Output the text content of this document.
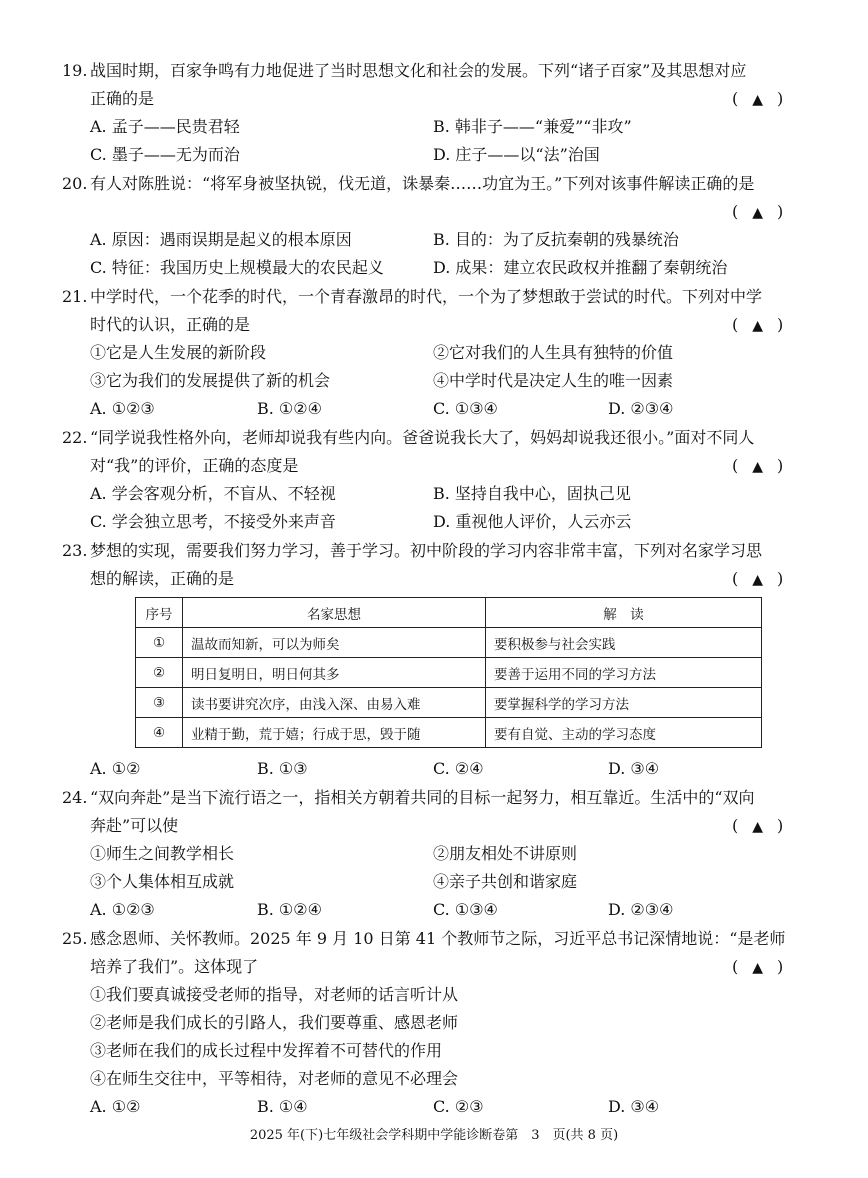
19. 战国时期，百家争鸣有力地促进了当时思想文化和社会的发展。下列“诸子百家”及其思想对应
正确的是	( ▲ )
A. 孟子——民贵君轻	B. 韩非子——“兼爱”“非攻”
C. 墨子——无为而治	D. 庄子——以“法”治国
20. 有人对陈胜说：“将军身被坚执锐，伐无道，诛暴秦……功宜为王。”下列对该事件解读正确的是
( ▲ )
A. 原因：遇雨误期是起义的根本原因	B. 目的：为了反抗秦朝的残暴统治
C. 特征：我国历史上规模最大的农民起义	D. 成果：建立农民政权并推翻了秦朝统治
21. 中学时代，一个花季的时代，一个青春激昂的时代，一个为了梦想敢于尝试的时代。下列对中学
时代的认识，正确的是	( ▲ )
①它是人生发展的新阶段	②它对我们的人生具有独特的价值
③它为我们的发展提供了新的机会	④中学时代是决定人生的唯一因素
A. ①②③	B. ①②④	C. ①③④	D. ②③④
22. “同学说我性格外向，老师却说我有些内向。爸爸说我长大了，妈妈却说我还很小。”面对不同人
对“我”的评价，正确的态度是	( ▲ )
A. 学会客观分析，不盲从、不轻视	B. 坚持自我中心，固执己见
C. 学会独立思考，不接受外来声音	D. 重视他人评价，人云亦云
23. 梦想的实现，需要我们努力学习，善于学习。初中阶段的学习内容非常丰富，下列对名家学习思
想的解读，正确的是	( ▲ )
序号	名家思想	解　读
①	温故而知新，可以为师矣	要积极参与社会实践
②	明日复明日，明日何其多	要善于运用不同的学习方法
③	读书要讲究次序，由浅入深、由易入难	要掌握科学的学习方法
④	业精于勤，荒于嬉；行成于思，毁于随	要有自觉、主动的学习态度
A. ①②	B. ①③	C. ②④	D. ③④
24. “双向奔赴”是当下流行语之一，指相关方朝着共同的目标一起努力，相互靠近。生活中的“双向
奔赴”可以使	( ▲ )
①师生之间教学相长	②朋友相处不讲原则
③个人集体相互成就	④亲子共创和谐家庭
A. ①②③	B. ①②④	C. ①③④	D. ②③④
25. 感念恩师、关怀教师。2025 年 9 月 10 日第 41 个教师节之际，习近平总书记深情地说：“是老师
培养了我们”。这体现了	( ▲ )
①我们要真诚接受老师的指导，对老师的话言听计从
②老师是我们成长的引路人，我们要尊重、感恩老师
③老师在我们的成长过程中发挥着不可替代的作用
④在师生交往中，平等相待，对老师的意见不必理会
A. ①②	B. ①④	C. ②③	D. ③④
2025 年(下)七年级社会学科期中学能诊断卷第　3　页(共 8 页)
